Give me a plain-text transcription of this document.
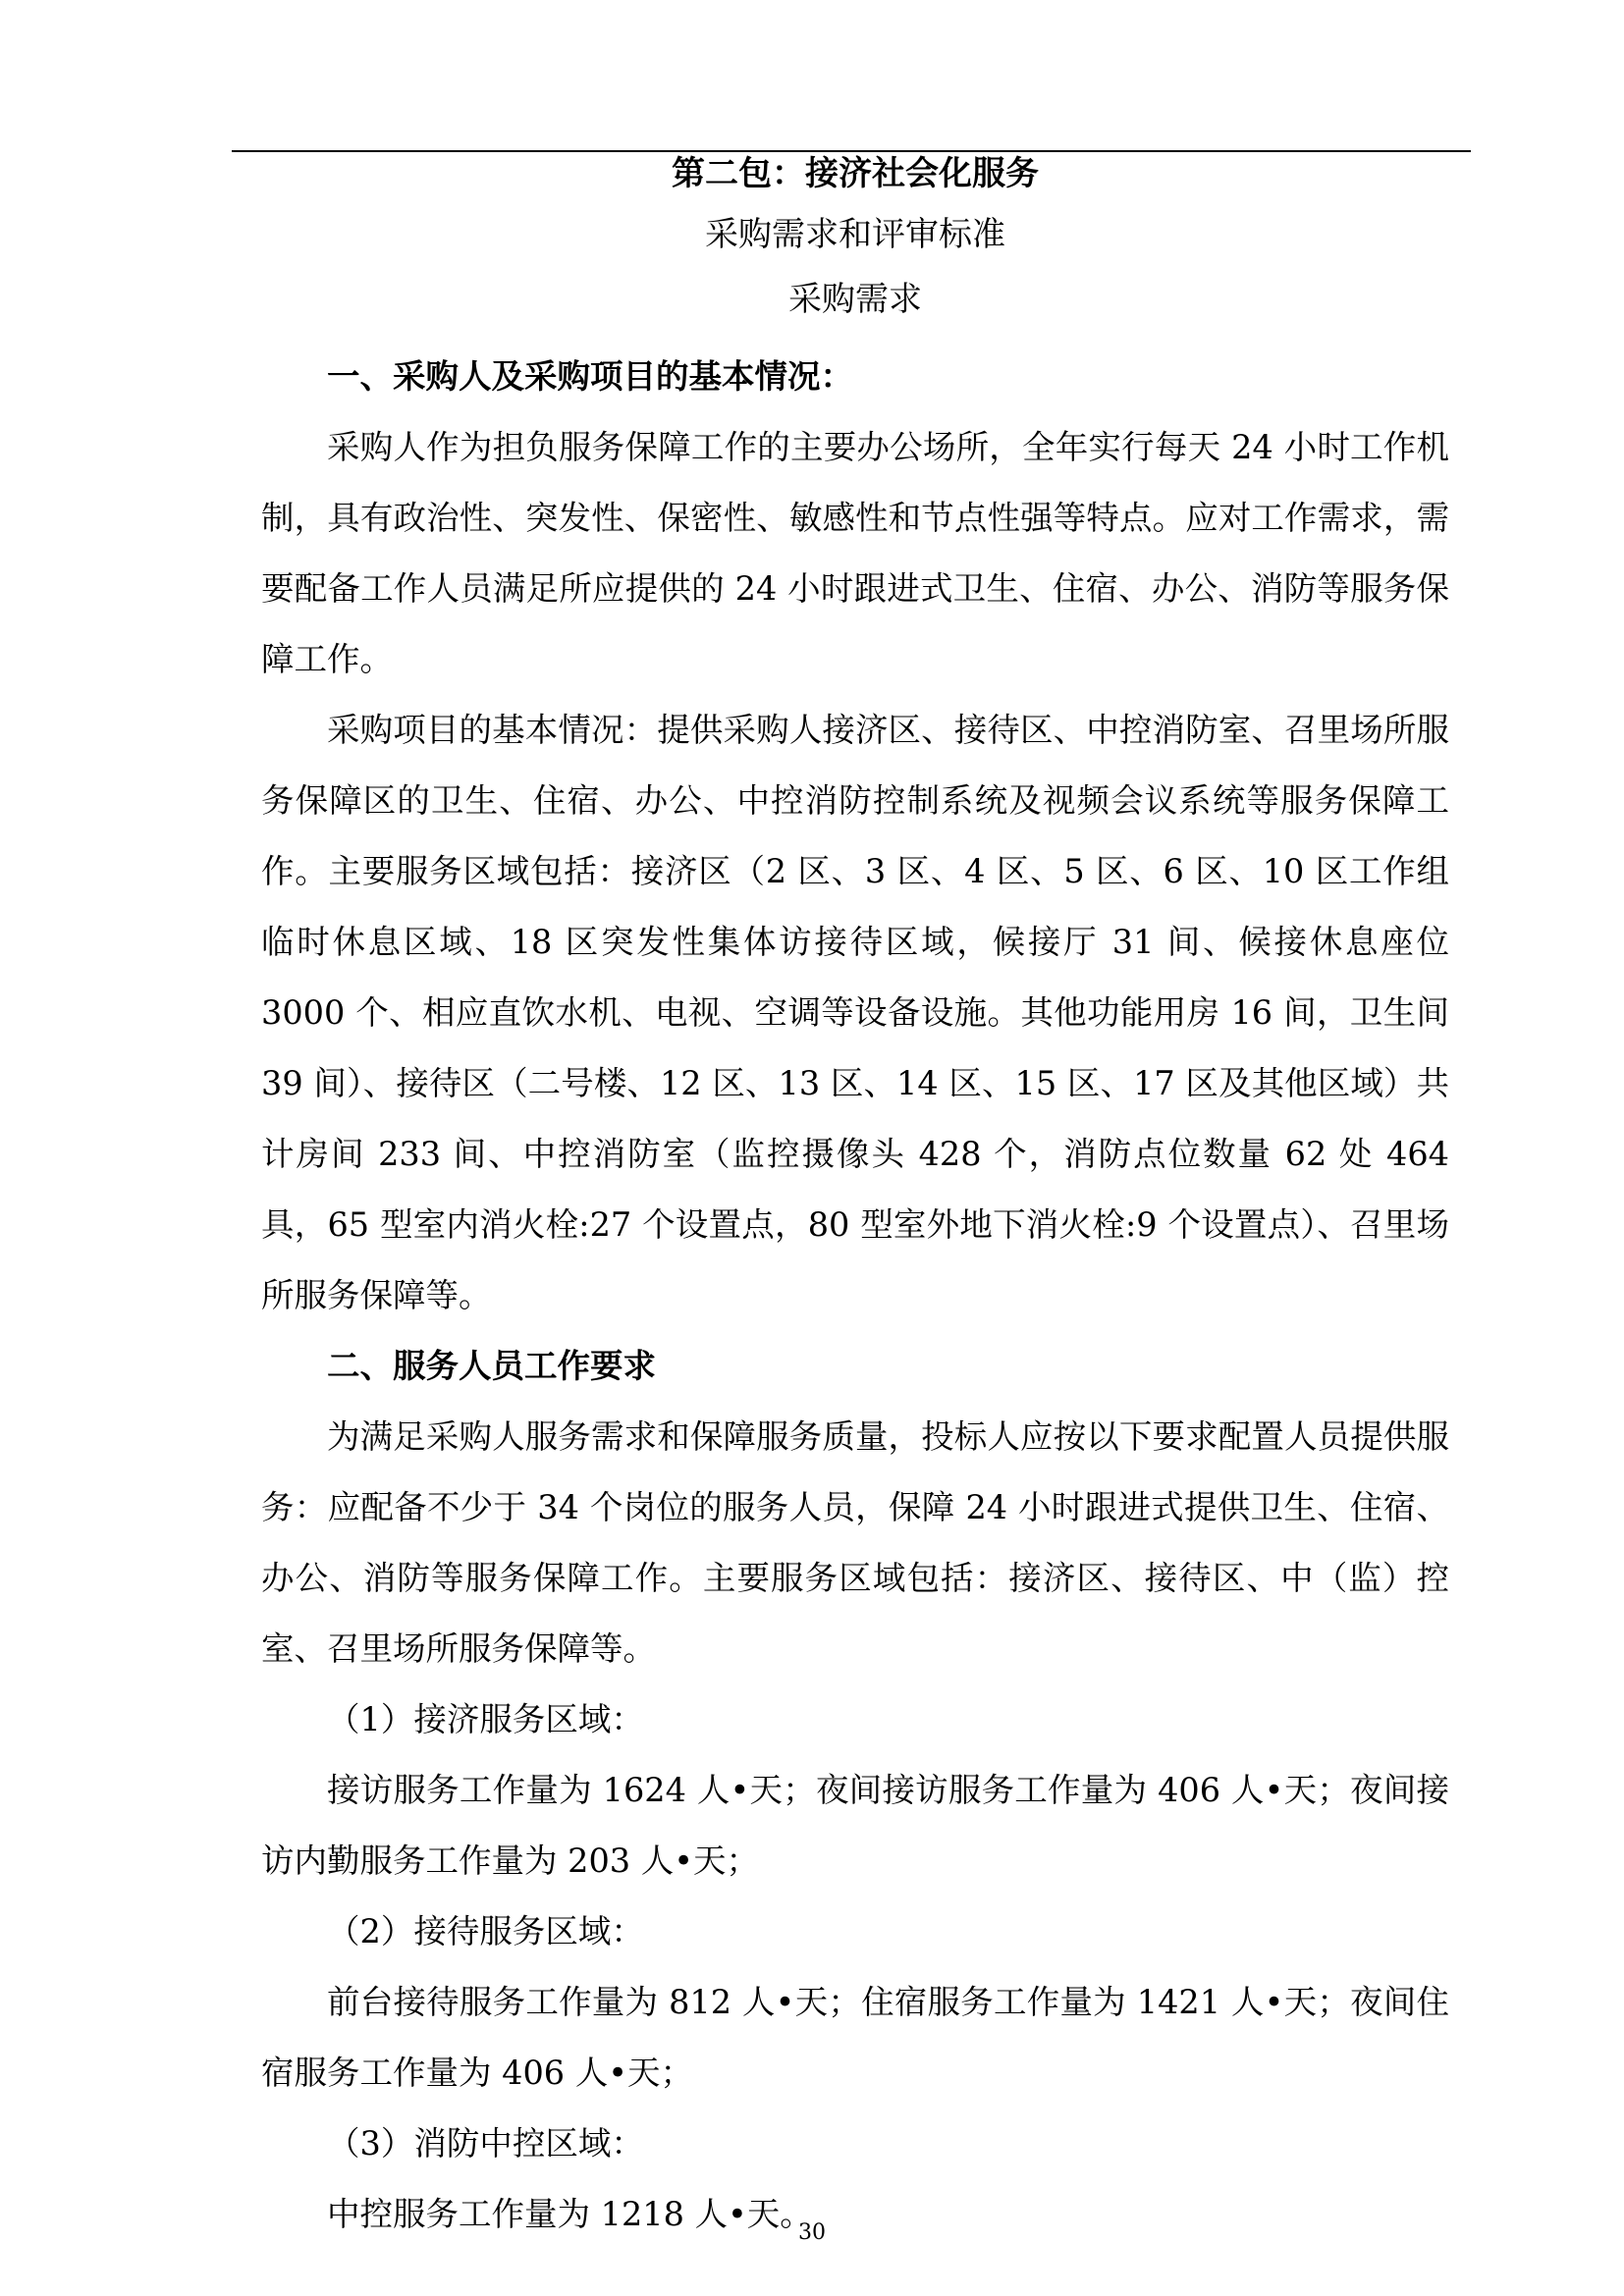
第二包：接济社会化服务

采购需求和评审标准

采购需求

一、采购人及采购项目的基本情况：

采购人作为担负服务保障工作的主要办公场所，全年实行每天 24 小时工作机制，具有政治性、突发性、保密性、敏感性和节点性强等特点。应对工作需求，需要配备工作人员满足所应提供的 24 小时跟进式卫生、住宿、办公、消防等服务保障工作。

采购项目的基本情况：提供采购人接济区、接待区、中控消防室、召里场所服务保障区的卫生、住宿、办公、中控消防控制系统及视频会议系统等服务保障工作。主要服务区域包括：接济区（2 区、3 区、4 区、5 区、6 区、10 区工作组临时休息区域、18 区突发性集体访接待区域，候接厅 31 间、候接休息座位 3000 个、相应直饮水机、电视、空调等设备设施。其他功能用房 16 间，卫生间 39 间）、接待区（二号楼、12 区、13 区、14 区、15 区、17 区及其他区域）共计房间 233 间、中控消防室（监控摄像头 428 个，消防点位数量 62 处 464 具，65 型室内消火栓:27 个设置点，80 型室外地下消火栓:9 个设置点）、召里场所服务保障等。

二、服务人员工作要求

为满足采购人服务需求和保障服务质量，投标人应按以下要求配置人员提供服务：应配备不少于 34 个岗位的服务人员，保障 24 小时跟进式提供卫生、住宿、办公、消防等服务保障工作。主要服务区域包括：接济区、接待区、中（监）控室、召里场所服务保障等。

（1）接济服务区域：

接访服务工作量为 1624 人•天；夜间接访服务工作量为 406 人•天；夜间接访内勤服务工作量为 203 人•天；

（2）接待服务区域：

前台接待服务工作量为 812 人•天；住宿服务工作量为 1421 人•天；夜间住宿服务工作量为 406 人•天；

（3）消防中控区域：

中控服务工作量为 1218 人•天。

30
